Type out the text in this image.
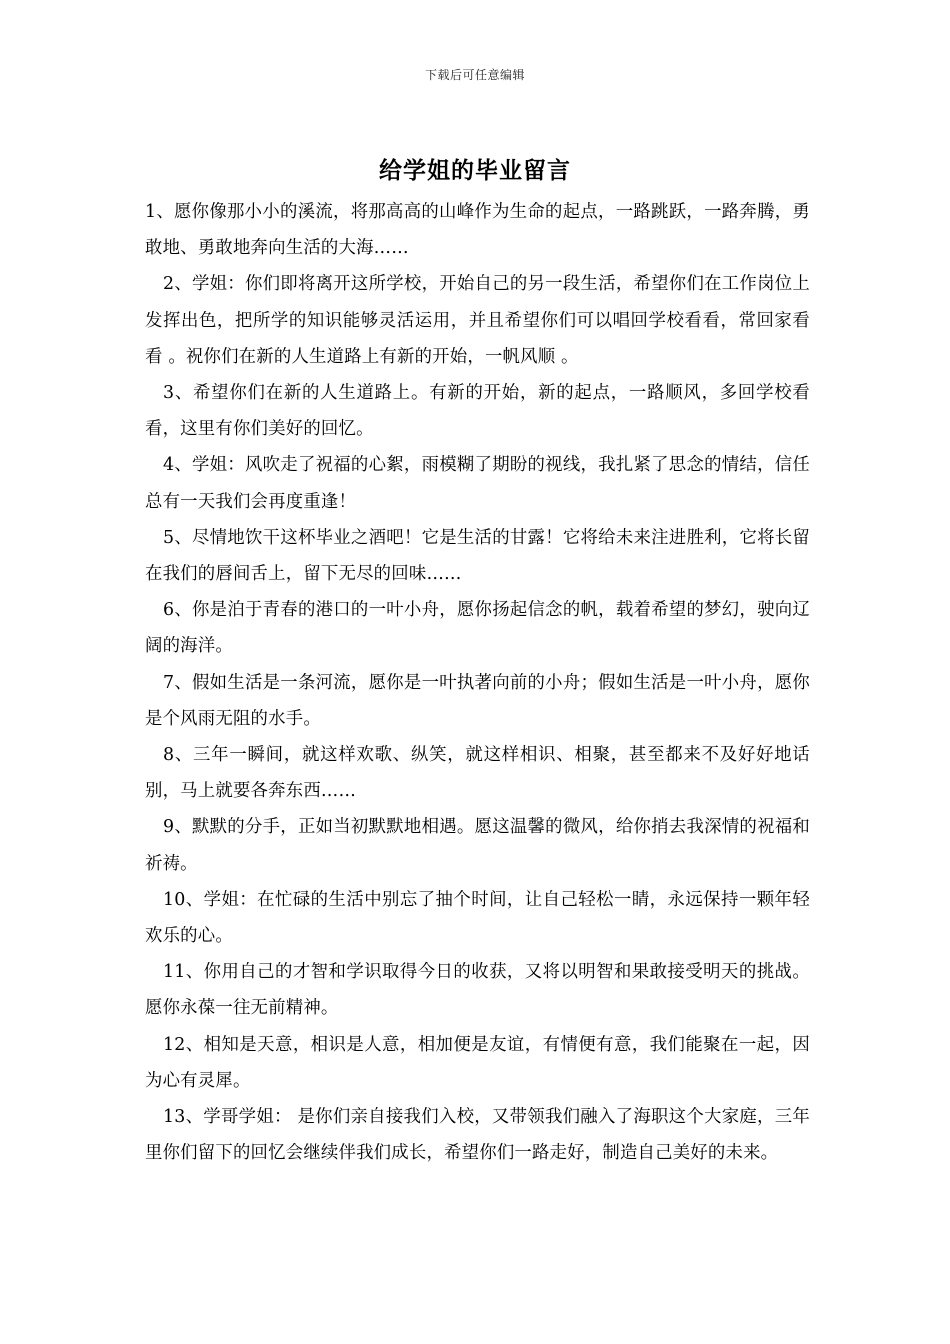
下载后可任意编辑
给学姐的毕业留言

1、愿你像那小小的溪流，将那高高的山峰作为生命的起点，一路跳跃，一路奔腾，勇敢地、勇敢地奔向生活的大海……

2、学姐：你们即将离开这所学校，开始自己的另一段生活，希望你们在工作岗位上发挥出色，把所学的知识能够灵活运用，并且希望你们可以唱回学校看看，常回家看看 。祝你们在新的人生道路上有新的开始，一帆风顺 。

3、希望你们在新的人生道路上。有新的开始，新的起点，一路顺风，多回学校看看，这里有你们美好的回忆。

4、学姐：风吹走了祝福的心絮，雨模糊了期盼的视线，我扎紧了思念的情结，信任总有一天我们会再度重逢！

5、尽情地饮干这杯毕业之酒吧！它是生活的甘露！它将给未来注进胜利，它将长留在我们的唇间舌上，留下无尽的回味……

6、你是泊于青春的港口的一叶小舟，愿你扬起信念的帆，载着希望的梦幻，驶向辽阔的海洋。

7、假如生活是一条河流，愿你是一叶执著向前的小舟；假如生活是一叶小舟，愿你是个风雨无阻的水手。

8、三年一瞬间，就这样欢歌、纵笑，就这样相识、相聚，甚至都来不及好好地话别，马上就要各奔东西……

9、默默的分手，正如当初默默地相遇。愿这温馨的微风，给你捎去我深情的祝福和祈祷。

10、学姐：在忙碌的生活中别忘了抽个时间，让自己轻松一睛，永远保持一颗年轻欢乐的心。

11、你用自己的才智和学识取得今日的收获，又将以明智和果敢接受明天的挑战。愿你永葆一往无前精神。

12、相知是天意，相识是人意，相加便是友谊，有情便有意，我们能聚在一起，因为心有灵犀。

13、学哥学姐： 是你们亲自接我们入校，又带领我们融入了海职这个大家庭，三年里你们留下的回忆会继续伴我们成长，希望你们一路走好，制造自己美好的未来。
